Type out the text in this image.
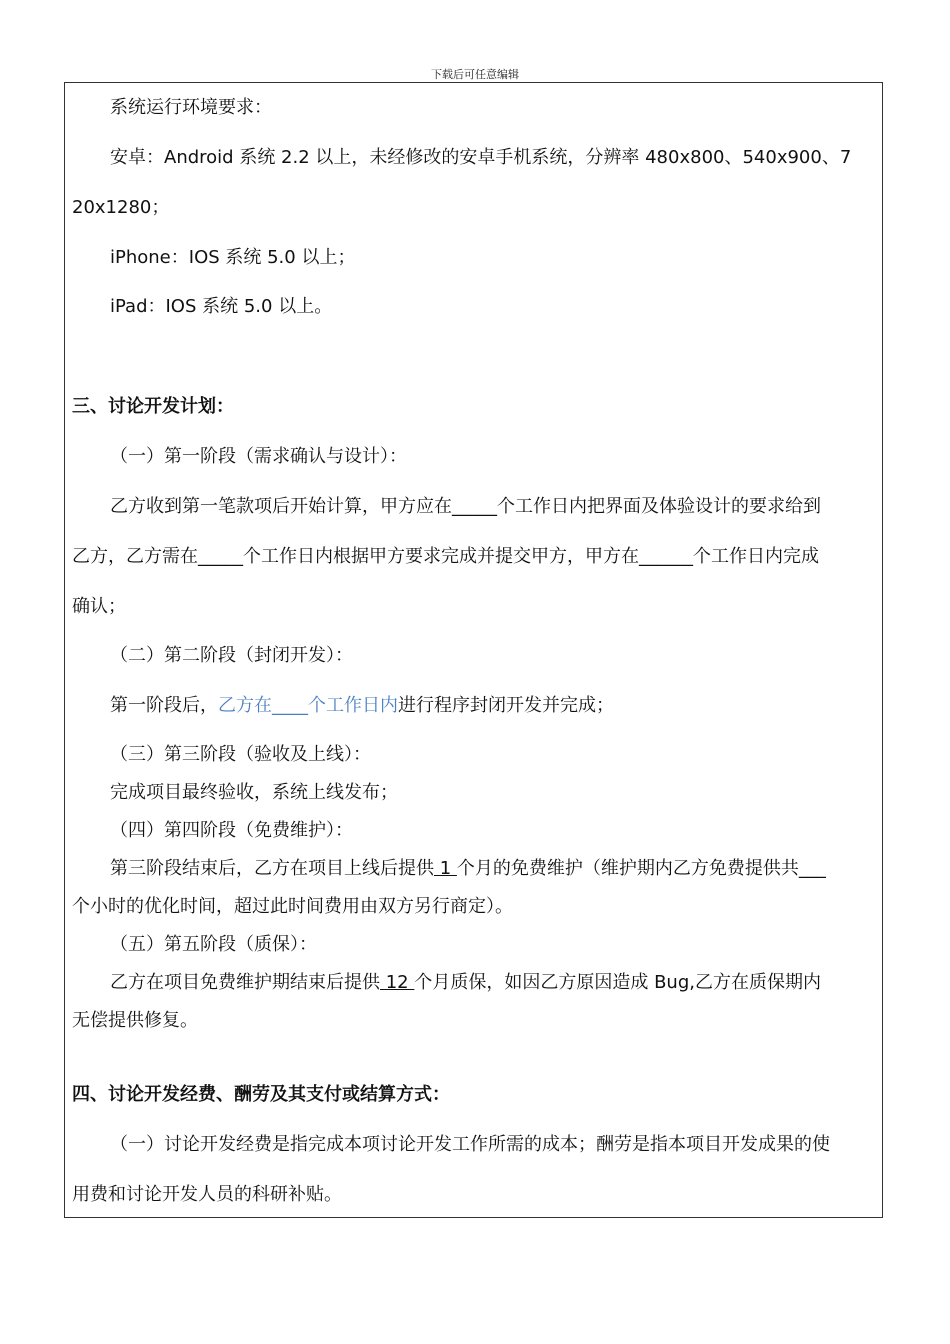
下载后可任意编辑
系统运行环境要求：
安卓：Android 系统 2.2 以上，未经修改的安卓手机系统，分辨率 480x800、540x900、7
20x1280；
iPhone：IOS 系统 5.0 以上；
iPad：IOS 系统 5.0 以上。
三、讨论开发计划：
（一）第一阶段（需求确认与设计）：
乙方收到第一笔款项后开始计算，甲方应在_____个工作日内把界面及体验设计的要求给到
乙方，乙方需在_____个工作日内根据甲方要求完成并提交甲方，甲方在______个工作日内完成
确认；
（二）第二阶段（封闭开发）：
第一阶段后，乙方在____个工作日内进行程序封闭开发并完成；
（三）第三阶段（验收及上线）：
完成项目最终验收，系统上线发布；
（四）第四阶段（免费维护）：
第三阶段结束后，乙方在项目上线后提供 1 个月的免费维护（维护期内乙方免费提供共___
个小时的优化时间，超过此时间费用由双方另行商定）。
（五）第五阶段（质保）：
乙方在项目免费维护期结束后提供 12 个月质保，如因乙方原因造成 Bug,乙方在质保期内
无偿提供修复。
四、讨论开发经费、酬劳及其支付或结算方式：
（一）讨论开发经费是指完成本项讨论开发工作所需的成本；酬劳是指本项目开发成果的使
用费和讨论开发人员的科研补贴。
